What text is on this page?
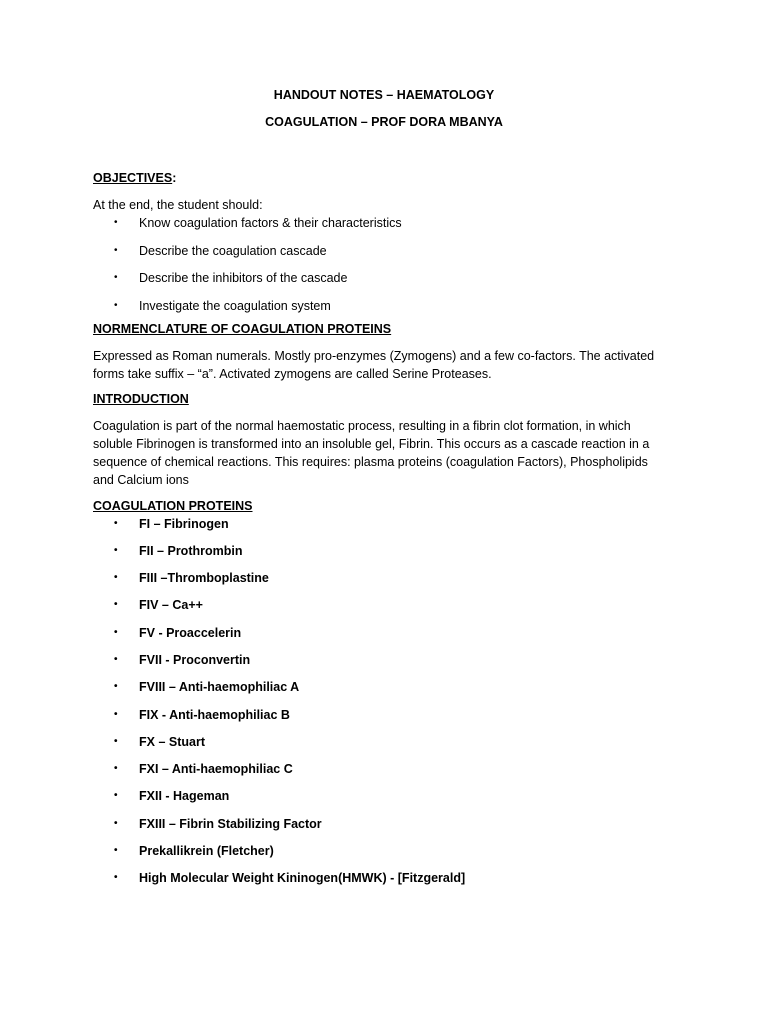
HANDOUT NOTES – HAEMATOLOGY
COAGULATION – PROF DORA MBANYA

OBJECTIVES:

At the end, the student should:

• Know coagulation factors & their characteristics
• Describe the coagulation cascade
• Describe the inhibitors of the cascade
• Investigate the coagulation system

NORMENCLATURE OF COAGULATION PROTEINS

Expressed as Roman numerals. Mostly pro-enzymes (Zymogens) and a few co-factors. The activated
forms take suffix – “a”. Activated zymogens are called Serine Proteases.

INTRODUCTION

Coagulation is part of the normal haemostatic process, resulting in a fibrin clot formation, in which
soluble Fibrinogen is transformed into an insoluble gel, Fibrin. This occurs as a cascade reaction in a
sequence of chemical reactions. This requires: plasma proteins (coagulation Factors), Phospholipids
and Calcium ions

COAGULATION PROTEINS

• FI – Fibrinogen
• FII – Prothrombin
• FIII –Thromboplastine
• FIV – Ca++
• FV - Proaccelerin
• FVII - Proconvertin
• FVIII – Anti-haemophiliac A
• FIX - Anti-haemophiliac B
• FX – Stuart
• FXI – Anti-haemophiliac C
• FXII - Hageman
• FXIII – Fibrin Stabilizing Factor
• Prekallikrein (Fletcher)
• High Molecular Weight Kininogen(HMWK) - [Fitzgerald]
